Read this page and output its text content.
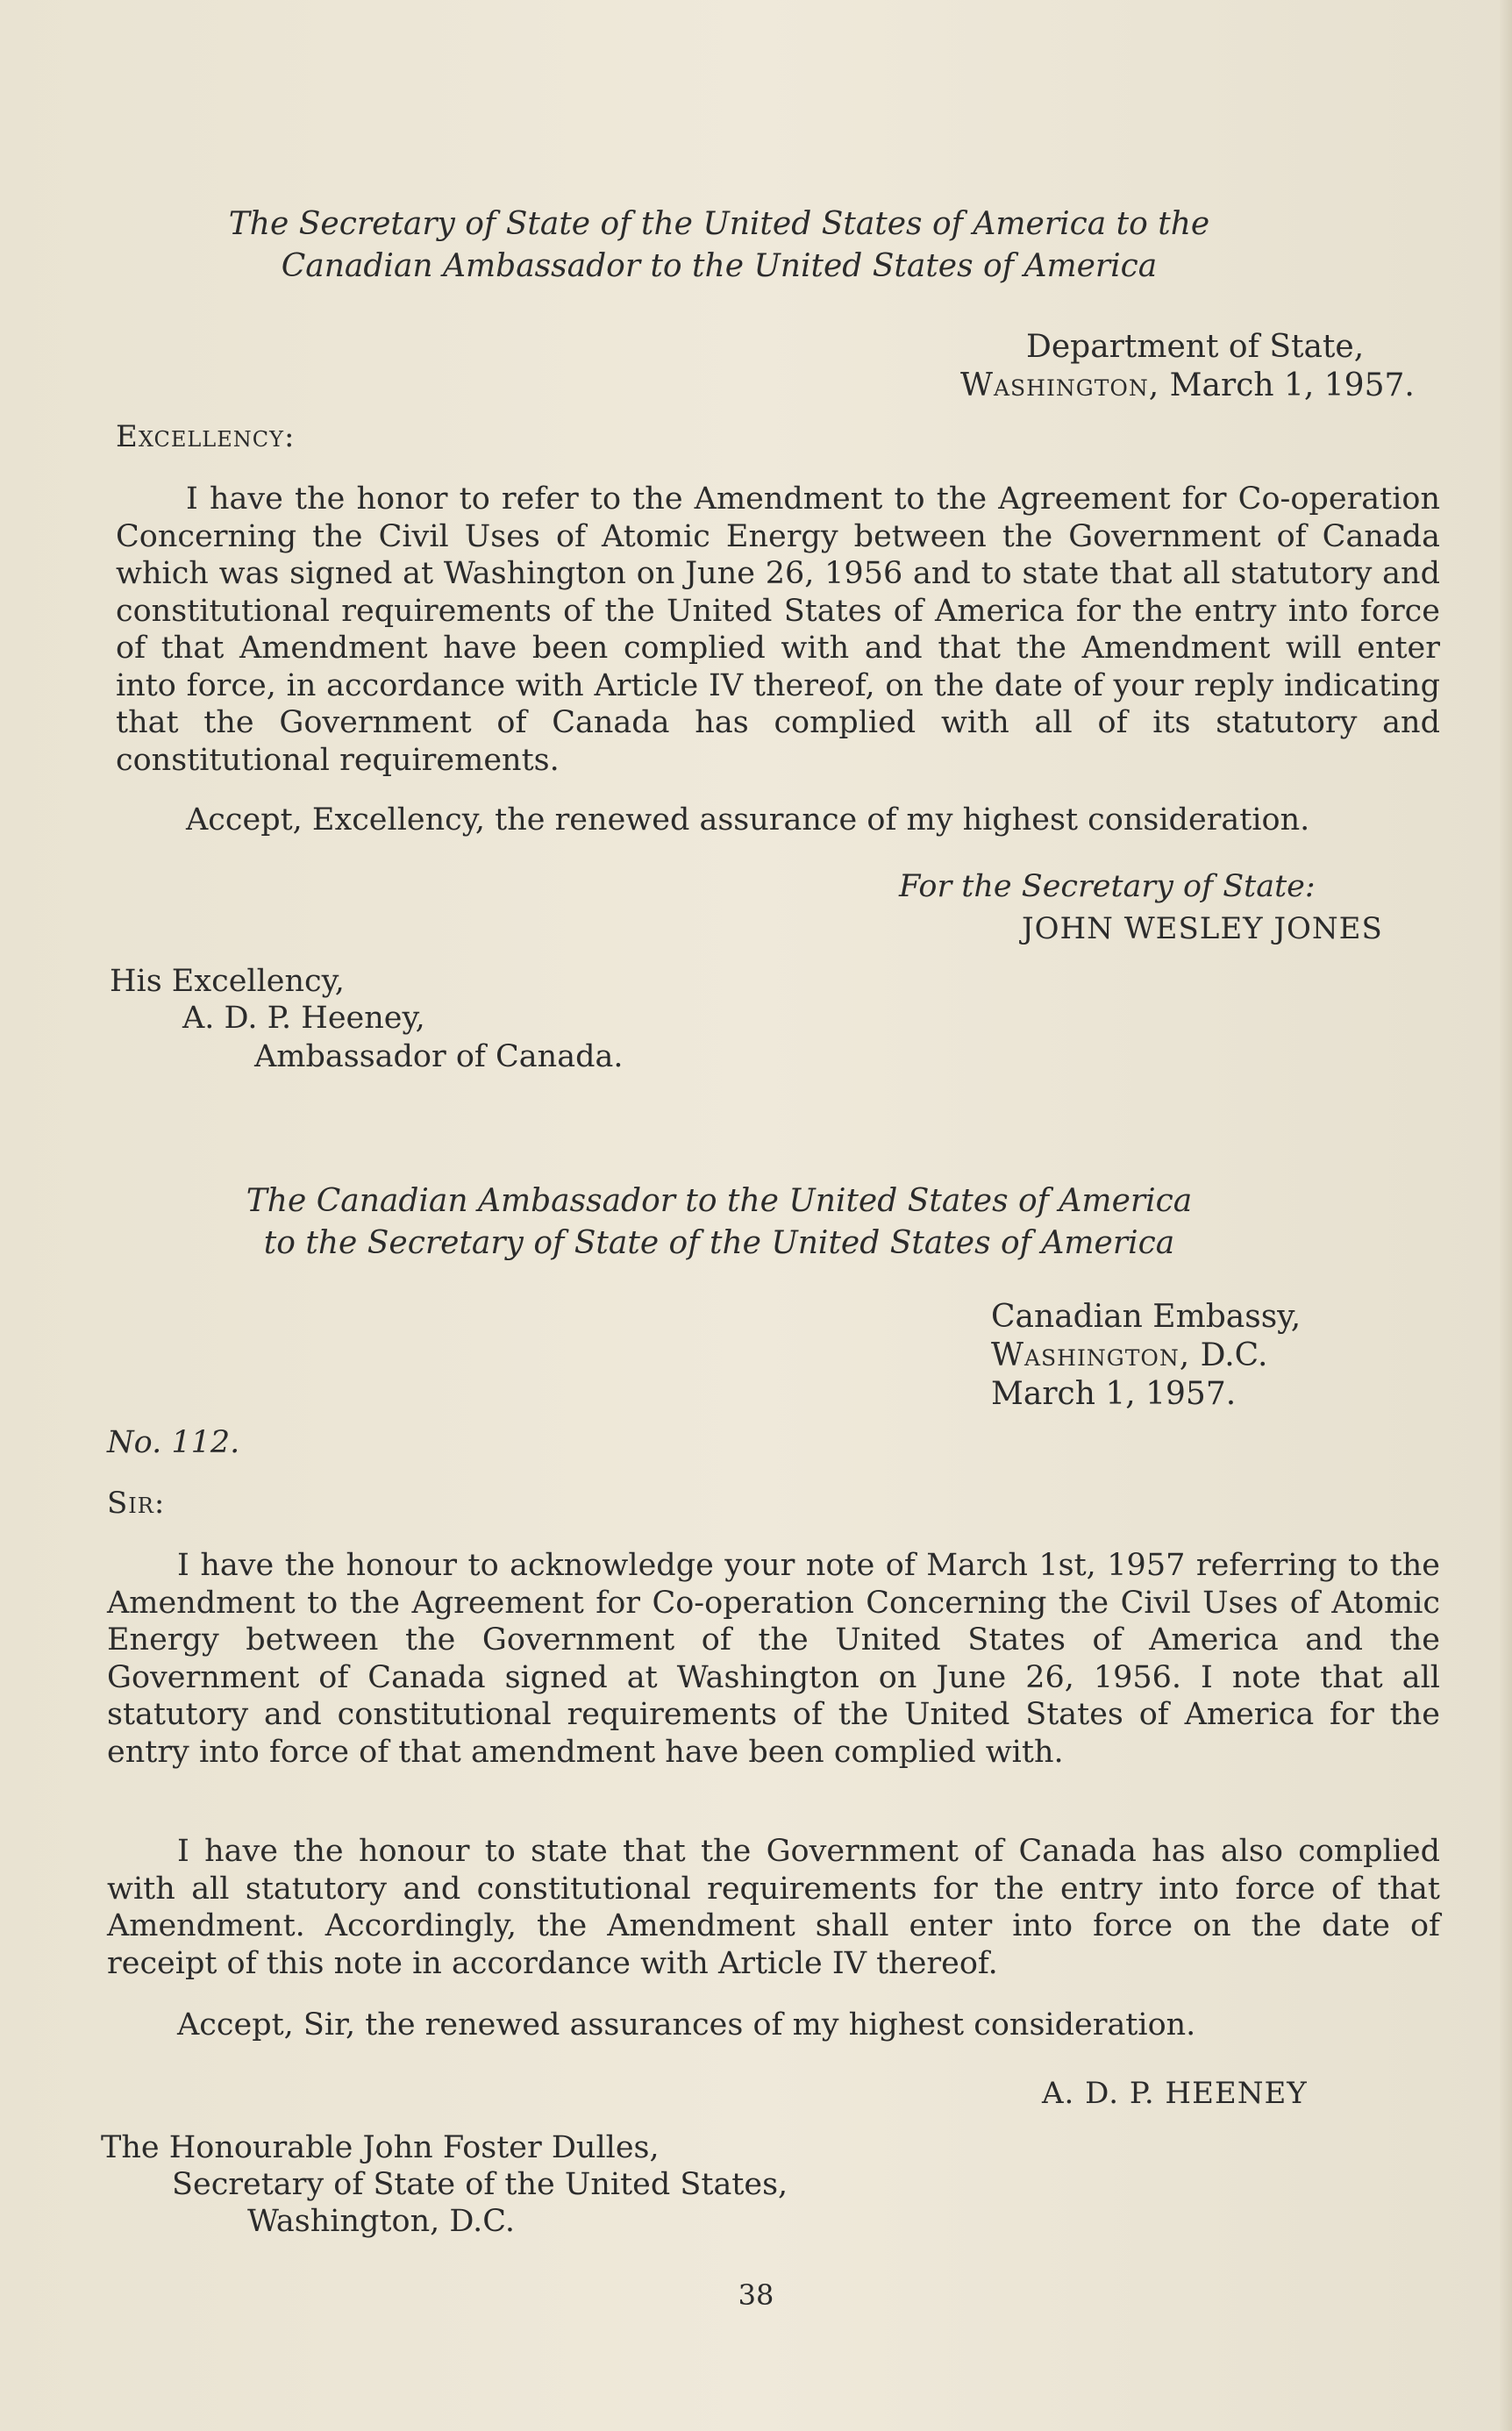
The Secretary of State of the United States of America to the
Canadian Ambassador to the United States of America
Department of State,
Washington, March 1, 1957.
Excellency:
I have the honor to refer to the Amendment to the Agreement for Co-operation Concerning the Civil Uses of Atomic Energy between the Government of Canada which was signed at Washington on June 26, 1956 and to state that all statutory and constitutional requirements of the United States of America for the entry into force of that Amendment have been complied with and that the Amendment will enter into force, in accordance with Article IV thereof, on the date of your reply indicating that the Government of Canada has complied with all of its statutory and constitutional requirements.
Accept, Excellency, the renewed assurance of my highest consideration.
For the Secretary of State:
JOHN WESLEY JONES
His Excellency,
A. D. P. Heeney,
Ambassador of Canada.
The Canadian Ambassador to the United States of America
to the Secretary of State of the United States of America
Canadian Embassy,
Washington, D.C.
March 1, 1957.
No. 112.
Sir:
I have the honour to acknowledge your note of March 1st, 1957 referring to the Amendment to the Agreement for Co-operation Concerning the Civil Uses of Atomic Energy between the Government of the United States of America and the Government of Canada signed at Washington on June 26, 1956. I note that all statutory and constitutional requirements of the United States of America for the entry into force of that amendment have been complied with.
I have the honour to state that the Government of Canada has also complied with all statutory and constitutional requirements for the entry into force of that Amendment. Accordingly, the Amendment shall enter into force on the date of receipt of this note in accordance with Article IV thereof.
Accept, Sir, the renewed assurances of my highest consideration.
A. D. P. HEENEY
The Honourable John Foster Dulles,
Secretary of State of the United States,
Washington, D.C.
38
